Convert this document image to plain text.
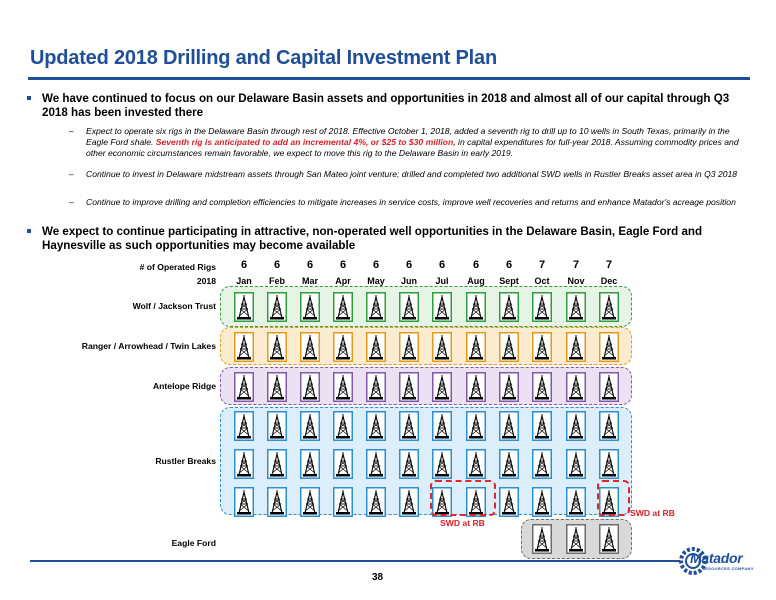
Updated 2018 Drilling and Capital Investment Plan
We have continued to focus on our Delaware Basin assets and opportunities in 2018 and almost all of our capital through Q3 2018 has been invested there
– Expect to operate six rigs in the Delaware Basin through rest of 2018. Effective October 1, 2018, added a seventh rig to drill up to 10 wells in South Texas, primarily in the Eagle Ford shale. Seventh rig is anticipated to add an incremental 4%, or $25 to $30 million, in capital expenditures for full-year 2018. Assuming commodity prices and other economic circumstances remain favorable, we expect to move this rig to the Delaware Basin in early 2019.
– Continue to invest in Delaware midstream assets through San Mateo joint venture; drilled and completed two additional SWD wells in Rustler Breaks asset area in Q3 2018
– Continue to improve drilling and completion efficiencies to mitigate increases in service costs, improve well recoveries and returns and enhance Matador's acreage position
We expect to continue participating in attractive, non-operated well opportunities in the Delaware Basin, Eagle Ford and Haynesville as such opportunities may become available
# of Operated Rigs
2018
6	6	6	6	6	6	6	6	6	7	7	7
Jan	Feb	Mar	Apr	May	Jun	Jul	Aug	Sept	Oct	Nov	Dec
Wolf / Jackson Trust
Ranger / Arrowhead / Twin Lakes
Antelope Ridge
Rustler Breaks
Eagle Ford
SWD at RB
SWD at RB
38
Matador
RESOURCES COMPANY
